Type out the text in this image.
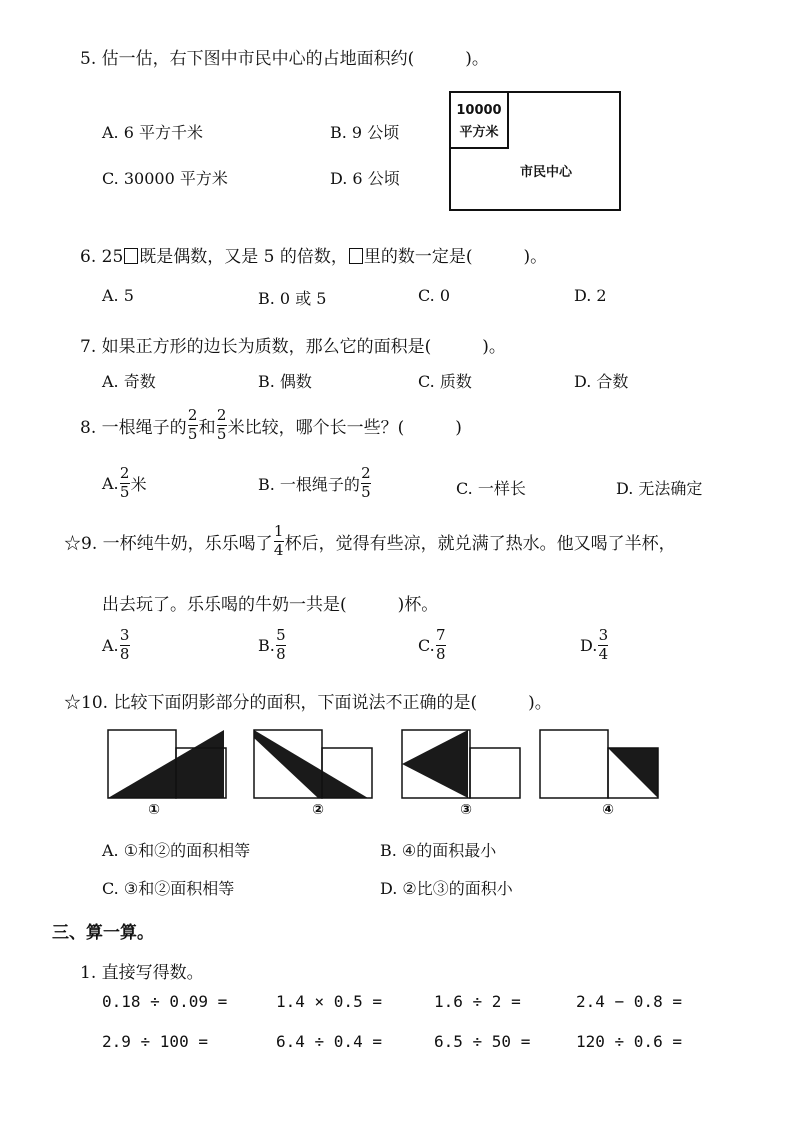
5. 估一估，右下图中市民中心的占地面积约(　　　)。
A. 6 平方千米	B. 9 公顷
C. 30000 平方米	D. 6 公顷
10000
平方米
市民中心
6. 25 既是偶数，又是 5 的倍数， 里的数一定是(　　　)。
A. 5	B. 0 或 5	C. 0	D. 2
7. 如果正方形的边长为质数，那么它的面积是(　　　)。
A. 奇数	B. 偶数	C. 质数	D. 合数
8. 一根绳子的 $\frac{2}{5}$ 和 $\frac{2}{5}$ 米比较，哪个长一些？(　　　)
A. $\frac{2}{5}$ 米	B. 一根绳子的 $\frac{2}{5}$	C. 一样长	D. 无法确定
☆9. 一杯纯牛奶，乐乐喝了 $\frac{1}{4}$ 杯后，觉得有些凉，就兑满了热水。他又喝了半杯，
出去玩了。乐乐喝的牛奶一共是(　　　)杯。
A. $\frac{3}{8}$	B. $\frac{5}{8}$	C. $\frac{7}{8}$	D. $\frac{3}{4}$
☆10. 比较下面阴影部分的面积，下面说法不正确的是(　　　)。
①	②	③	④
A. ①和②的面积相等	B. ④的面积最小
C. ③和②面积相等	D. ②比③的面积小
三、算一算。
1. 直接写得数。
0.18 ÷ 0.09 =	1.4 × 0.5 =	1.6 ÷ 2 =	2.4 − 0.8 =
2.9 ÷ 100 =	6.4 ÷ 0.4 =	6.5 ÷ 50 =	120 ÷ 0.6 =
